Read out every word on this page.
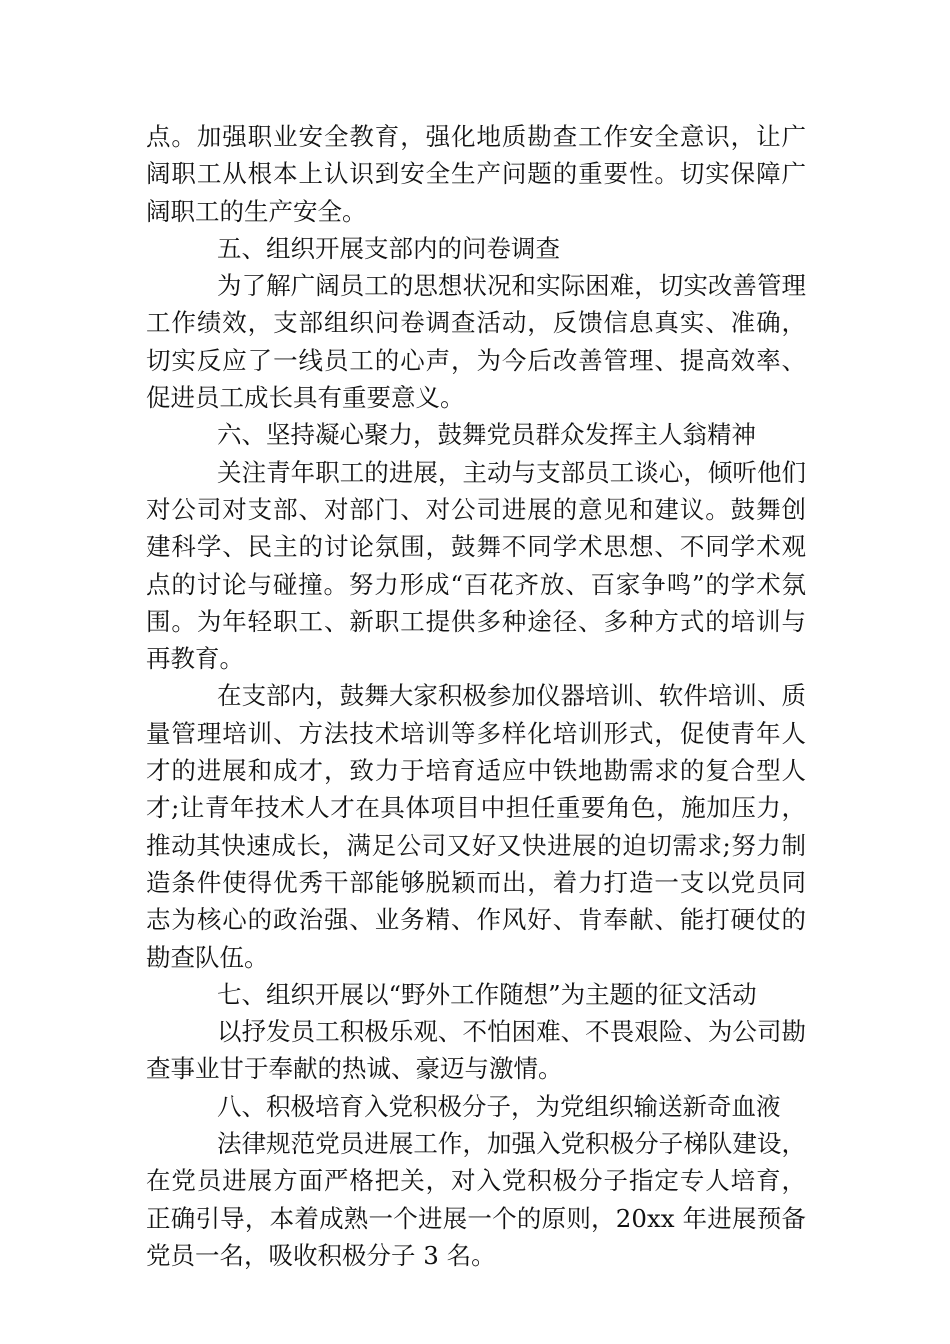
点。加强职业安全教育，强化地质勘查工作安全意识，让广阔职工从根本上认识到安全生产问题的重要性。切实保障广阔职工的生产安全。

五、组织开展支部内的问卷调查

为了解广阔员工的思想状况和实际困难，切实改善管理工作绩效，支部组织问卷调查活动，反馈信息真实、准确，切实反应了一线员工的心声，为今后改善管理、提高效率、促进员工成长具有重要意义。

六、坚持凝心聚力，鼓舞党员群众发挥主人翁精神

关注青年职工的进展，主动与支部员工谈心，倾听他们对公司对支部、对部门、对公司进展的意见和建议。鼓舞创建科学、民主的讨论氛围，鼓舞不同学术思想、不同学术观点的讨论与碰撞。努力形成“百花齐放、百家争鸣”的学术氛围。为年轻职工、新职工提供多种途径、多种方式的培训与再教育。

在支部内，鼓舞大家积极参加仪器培训、软件培训、质量管理培训、方法技术培训等多样化培训形式，促使青年人才的进展和成才，致力于培育适应中铁地勘需求的复合型人才;让青年技术人才在具体项目中担任重要角色，施加压力，推动其快速成长，满足公司又好又快进展的迫切需求;努力制造条件使得优秀干部能够脱颖而出，着力打造一支以党员同志为核心的政治强、业务精、作风好、肯奉献、能打硬仗的勘查队伍。

七、组织开展以“野外工作随想”为主题的征文活动

以抒发员工积极乐观、不怕困难、不畏艰险、为公司勘查事业甘于奉献的热诚、豪迈与激情。

八、积极培育入党积极分子，为党组织输送新奇血液

法律规范党员进展工作，加强入党积极分子梯队建设，在党员进展方面严格把关，对入党积极分子指定专人培育，正确引导，本着成熟一个进展一个的原则，20xx 年进展预备党员一名，吸收积极分子 3 名。
